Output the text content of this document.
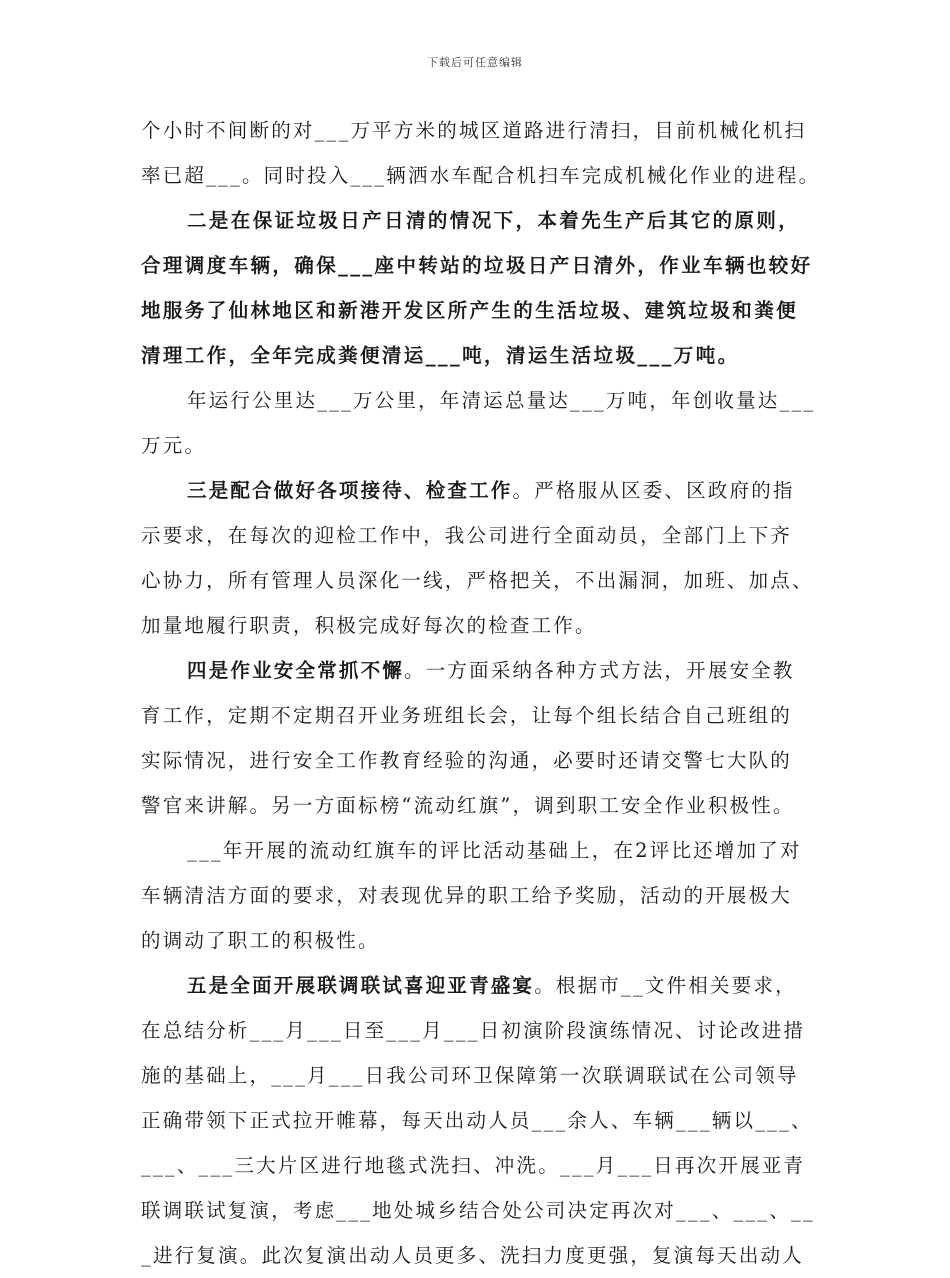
下载后可任意编辑
个小时不间断的对___万平方米的城区道路进行清扫，目前机械化机扫
率已超___。同时投入___辆洒水车配合机扫车完成机械化作业的进程。
二是在保证垃圾日产日清的情况下，本着先生产后其它的原则，
合理调度车辆，确保___座中转站的垃圾日产日清外，作业车辆也较好
地服务了仙林地区和新港开发区所产生的生活垃圾、建筑垃圾和粪便
清理工作，全年完成粪便清运___吨，清运生活垃圾___万吨。
年运行公里达___万公里，年清运总量达___万吨，年创收量达___
万元。
三是配合做好各项接待、检查工作。严格服从区委、区政府的指
示要求，在每次的迎检工作中，我公司进行全面动员，全部门上下齐
心协力，所有管理人员深化一线，严格把关，不出漏洞，加班、加点、
加量地履行职责，积极完成好每次的检查工作。
四是作业安全常抓不懈。一方面采纳各种方式方法，开展安全教
育工作，定期不定期召开业务班组长会，让每个组长结合自己班组的
实际情况，进行安全工作教育经验的沟通，必要时还请交警七大队的
警官来讲解。另一方面标榜“流动红旗”，调到职工安全作业积极性。
___年开展的流动红旗车的评比活动基础上，在2评比还增加了对
车辆清洁方面的要求，对表现优异的职工给予奖励，活动的开展极大
的调动了职工的积极性。
五是全面开展联调联试喜迎亚青盛宴。根据市__文件相关要求，
在总结分析___月___日至___月___日初演阶段演练情况、讨论改进措
施的基础上，___月___日我公司环卫保障第一次联调联试在公司领导
正确带领下正式拉开帷幕，每天出动人员___余人、车辆___辆以___、
___、___三大片区进行地毯式洗扫、冲洗。___月___日再次开展亚青
联调联试复演，考虑___地处城乡结合处公司决定再次对___、___、__
_进行复演。此次复演出动人员更多、洗扫力度更强，复演每天出动人
